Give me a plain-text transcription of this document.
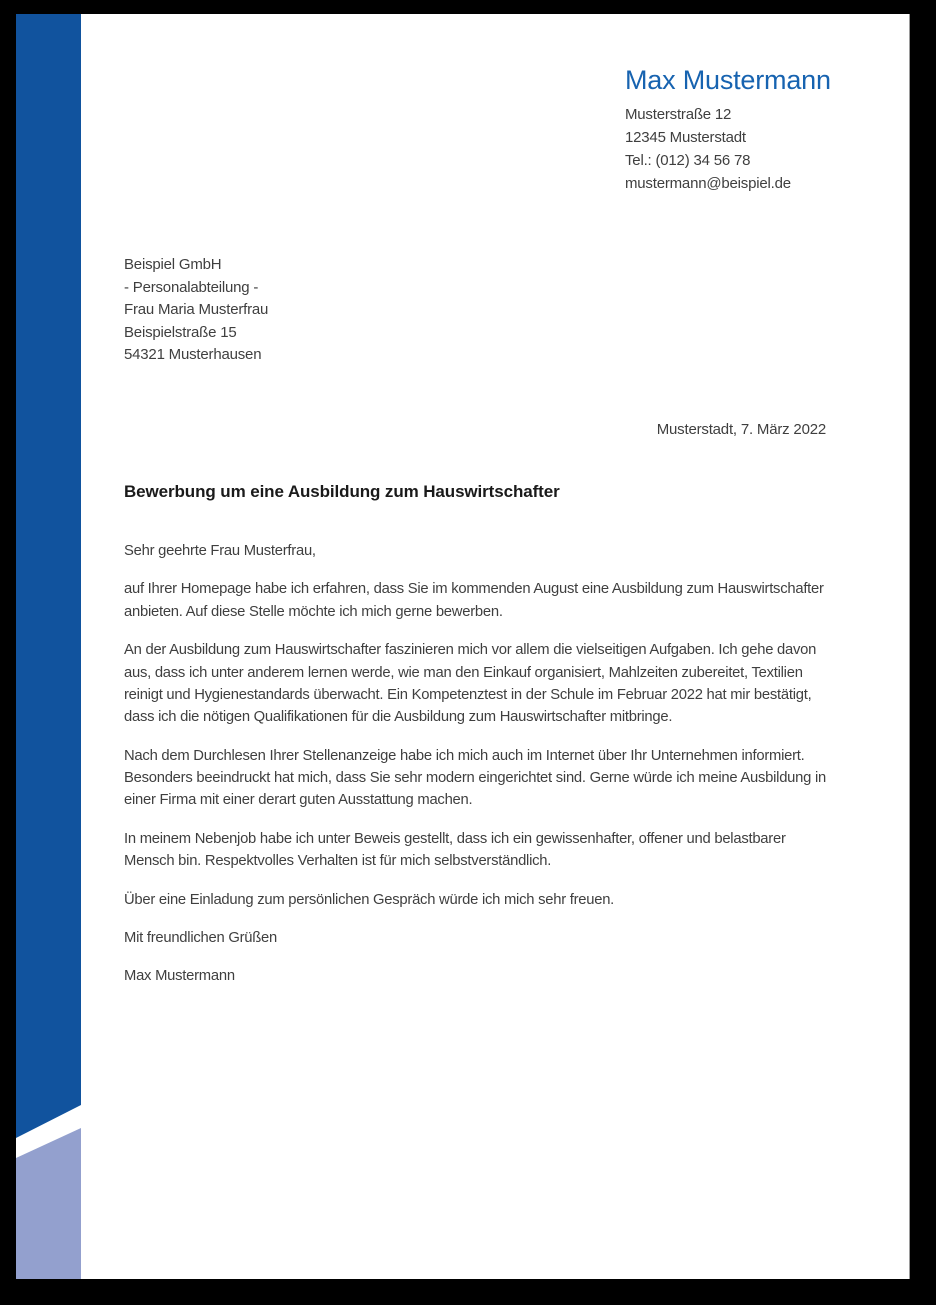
Max Mustermann
Musterstraße 12
12345 Musterstadt
Tel.: (012) 34 56 78
mustermann@beispiel.de
Beispiel GmbH
- Personalabteilung -
Frau Maria Musterfrau
Beispielstraße 15
54321 Musterhausen
Musterstadt, 7. März 2022
Bewerbung um eine Ausbildung zum Hauswirtschafter

Sehr geehrte Frau Musterfrau,

auf Ihrer Homepage habe ich erfahren, dass Sie im kommenden August eine Ausbildung zum Hauswirtschafter anbieten. Auf diese Stelle möchte ich mich gerne bewerben.

An der Ausbildung zum Hauswirtschafter faszinieren mich vor allem die vielseitigen Aufgaben. Ich gehe davon aus, dass ich unter anderem lernen werde, wie man den Einkauf organisiert, Mahlzeiten zubereitet, Textilien reinigt und Hygienestandards überwacht. Ein Kompetenztest in der Schule im Februar 2022 hat mir bestätigt, dass ich die nötigen Qualifikationen für die Ausbildung zum Hauswirtschafter mitbringe.

Nach dem Durchlesen Ihrer Stellenanzeige habe ich mich auch im Internet über Ihr Unternehmen informiert. Besonders beeindruckt hat mich, dass Sie sehr modern eingerichtet sind. Gerne würde ich meine Ausbildung in einer Firma mit einer derart guten Ausstattung machen.

In meinem Nebenjob habe ich unter Beweis gestellt, dass ich ein gewissenhafter, offener und belastbarer Mensch bin. Respektvolles Verhalten ist für mich selbstverständlich.

Über eine Einladung zum persönlichen Gespräch würde ich mich sehr freuen.

Mit freundlichen Grüßen

Max Mustermann
